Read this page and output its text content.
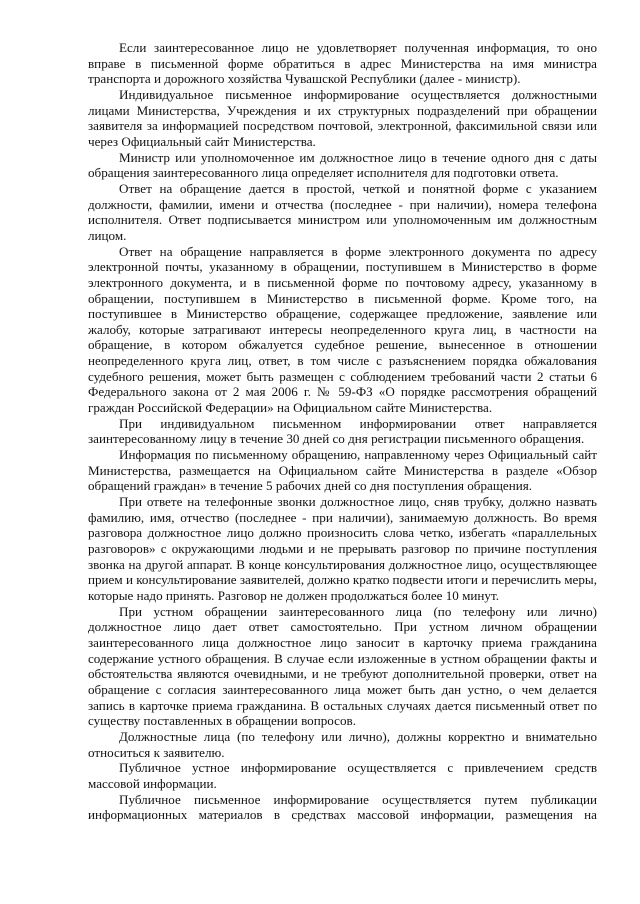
Если заинтересованное лицо не удовлетворяет полученная информация, то оно вправе в письменной форме обратиться в адрес Министерства на имя министра транспорта и дорожного хозяйства Чувашской Республики (далее - министр).

Индивидуальное письменное информирование осуществляется должностными лицами Министерства, Учреждения и их структурных подразделений при обращении заявителя за информацией посредством почтовой, электронной, факсимильной связи или через Официальный сайт Министерства.

Министр или уполномоченное им должностное лицо в течение одного дня с даты обращения заинтересованного лица определяет исполнителя для подготовки ответа.

Ответ на обращение дается в простой, четкой и понятной форме с указанием должности, фамилии, имени и отчества (последнее - при наличии), номера телефона исполнителя. Ответ подписывается министром или уполномоченным им должностным лицом.

Ответ на обращение направляется в форме электронного документа по адресу электронной почты, указанному в обращении, поступившем в Министерство в форме электронного документа, и в письменной форме по почтовому адресу, указанному в обращении, поступившем в Министерство в письменной форме. Кроме того, на поступившее в Министерство обращение, содержащее предложение, заявление или жалобу, которые затрагивают интересы неопределенного круга лиц, в частности на обращение, в котором обжалуется судебное решение, вынесенное в отношении неопределенного круга лиц, ответ, в том числе с разъяснением порядка обжалования судебного решения, может быть размещен с соблюдением требований части 2 статьи 6 Федерального закона от 2 мая 2006 г. № 59-ФЗ «О порядке рассмотрения обращений граждан Российской Федерации» на Официальном сайте Министерства.

При индивидуальном письменном информировании ответ направляется заинтересованному лицу в течение 30 дней со дня регистрации письменного обращения.

Информация по письменному обращению, направленному через Официальный сайт Министерства, размещается на Официальном сайте Министерства в разделе «Обзор обращений граждан» в течение 5 рабочих дней со дня поступления обращения.

При ответе на телефонные звонки должностное лицо, сняв трубку, должно назвать фамилию, имя, отчество (последнее - при наличии), занимаемую должность. Во время разговора должностное лицо должно произносить слова четко, избегать «параллельных разговоров» с окружающими людьми и не прерывать разговор по причине поступления звонка на другой аппарат. В конце консультирования должностное лицо, осуществляющее прием и консультирование заявителей, должно кратко подвести итоги и перечислить меры, которые надо принять. Разговор не должен продолжаться более 10 минут.

При устном обращении заинтересованного лица (по телефону или лично) должностное лицо дает ответ самостоятельно. При устном личном обращении заинтересованного лица должностное лицо заносит в карточку приема гражданина содержание устного обращения. В случае если изложенные в устном обращении факты и обстоятельства являются очевидными, и не требуют дополнительной проверки, ответ на обращение с согласия заинтересованного лица может быть дан устно, о чем делается запись в карточке приема гражданина. В остальных случаях дается письменный ответ по существу поставленных в обращении вопросов.

Должностные лица (по телефону или лично), должны корректно и внимательно относиться к заявителю.

Публичное устное информирование осуществляется с привлечением средств массовой информации.

Публичное письменное информирование осуществляется путем публикации информационных материалов в средствах массовой информации, размещения на
